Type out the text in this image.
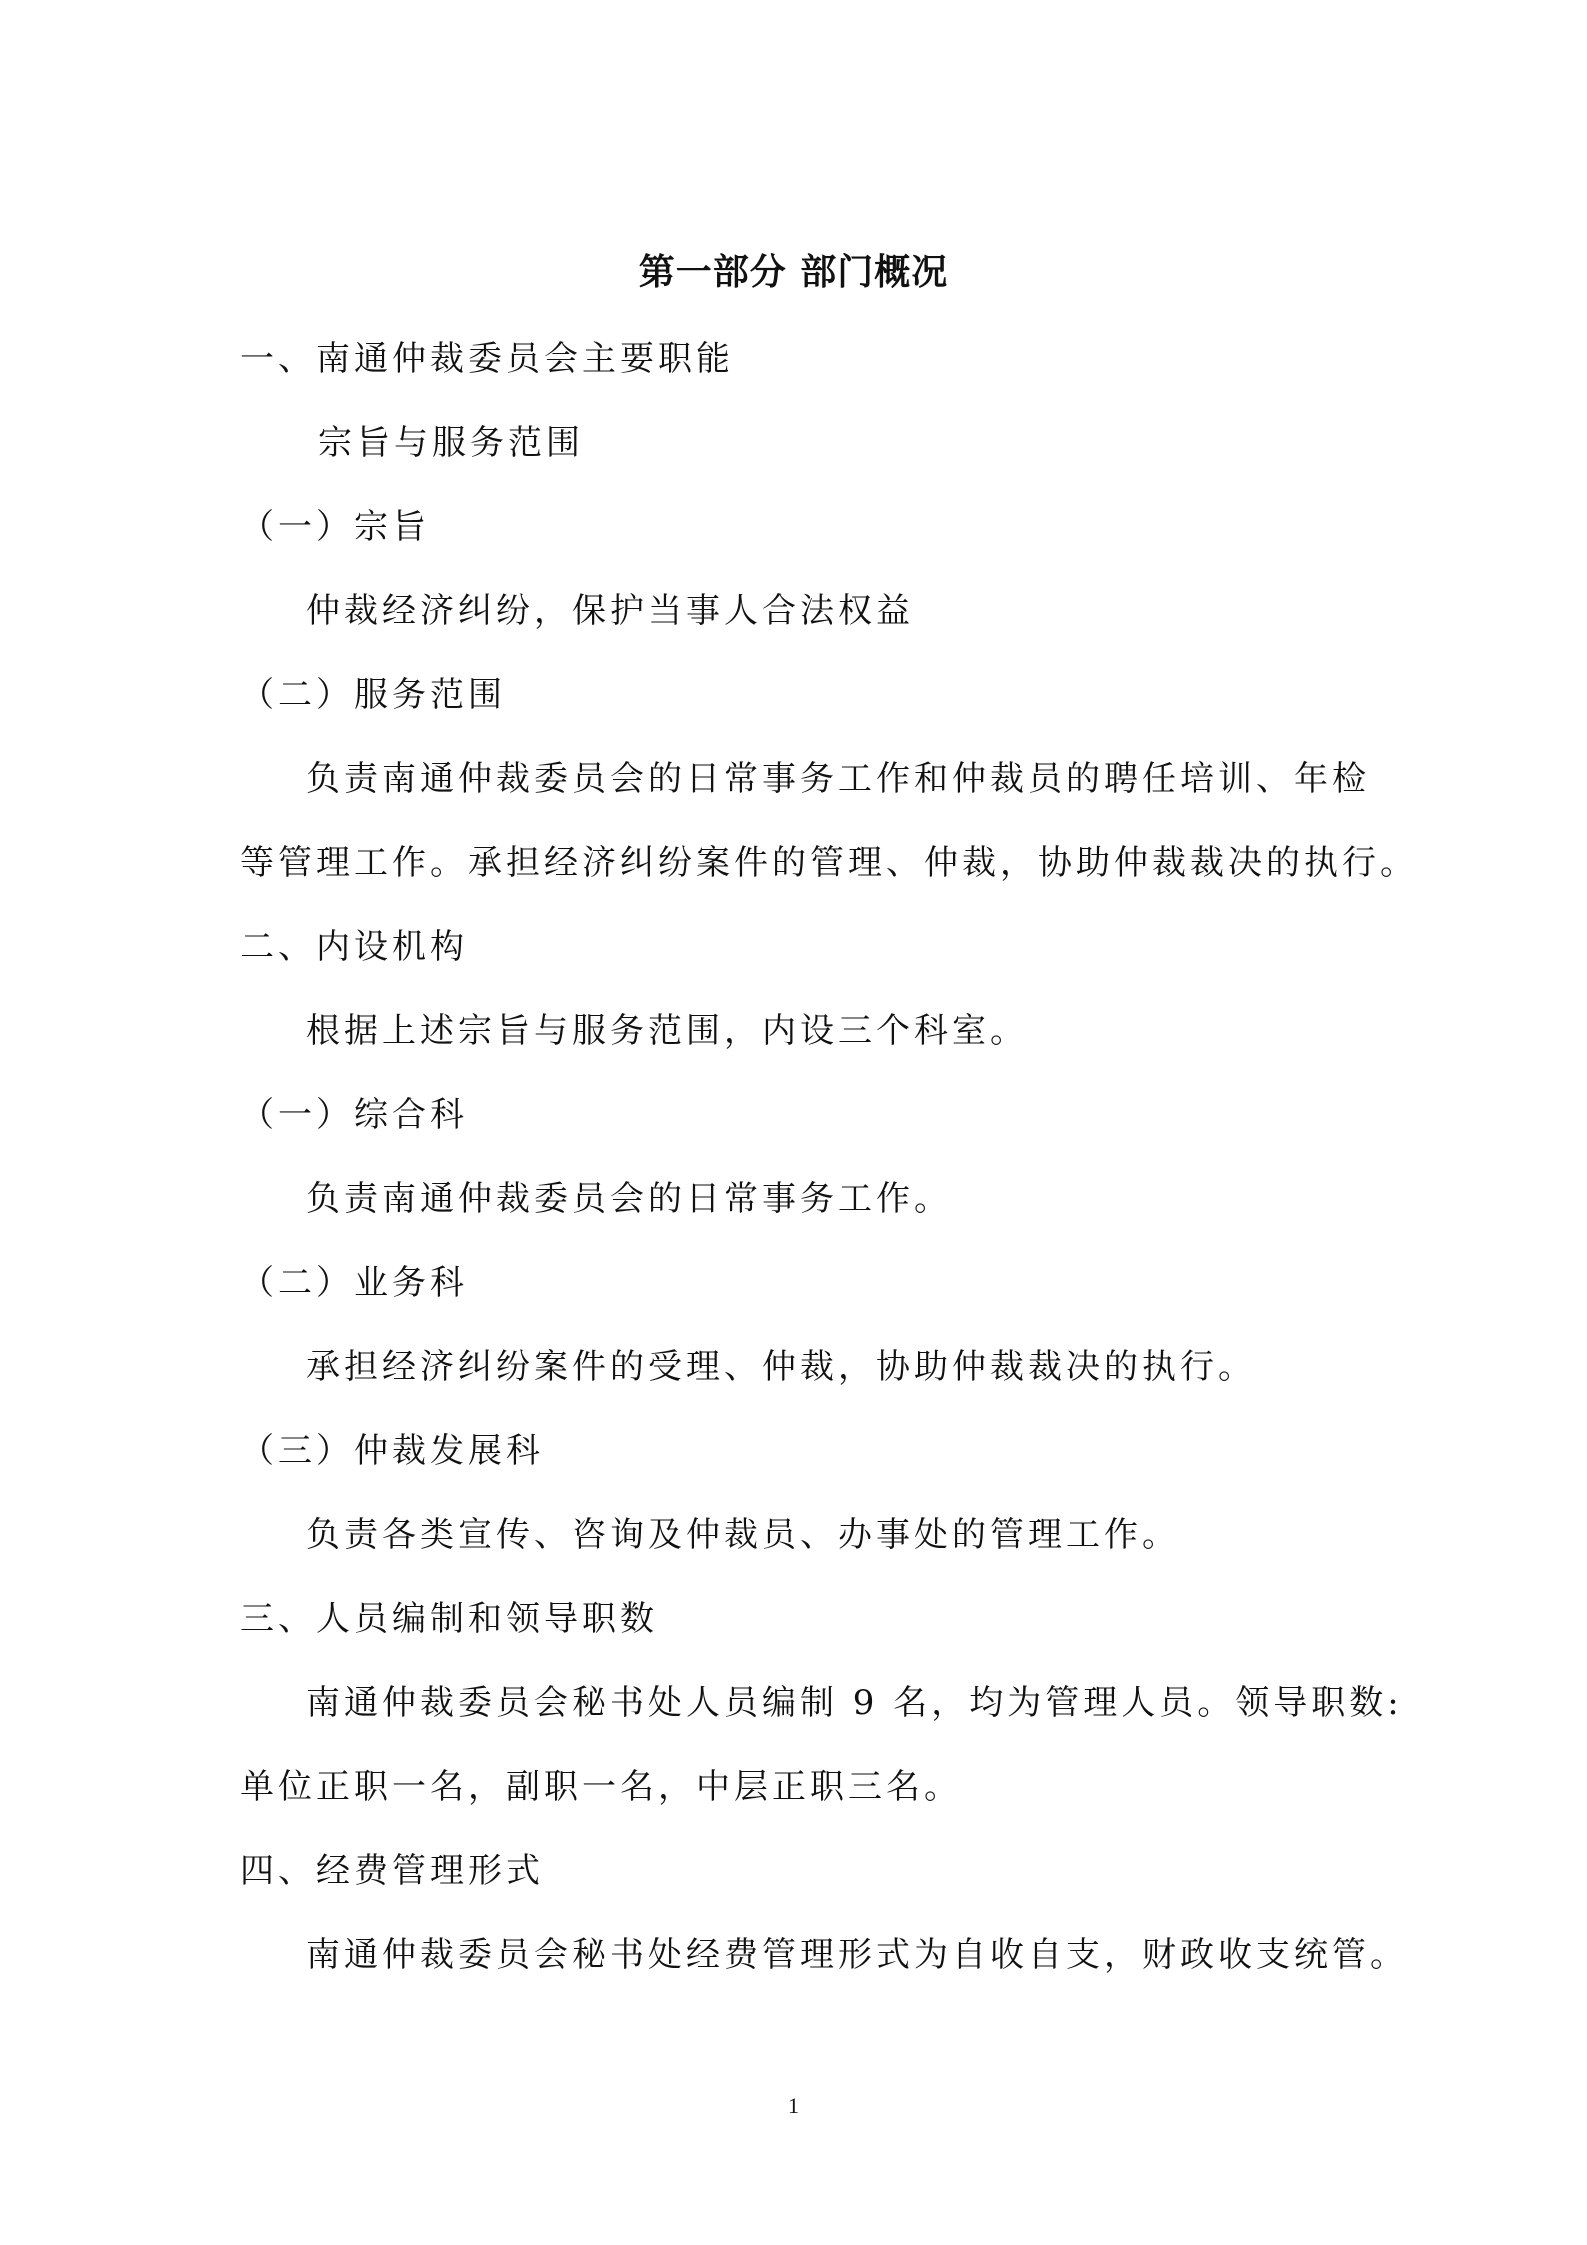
第一部分 部门概况
一、南通仲裁委员会主要职能
宗旨与服务范围
（一）宗旨
仲裁经济纠纷，保护当事人合法权益
（二）服务范围
负责南通仲裁委员会的日常事务工作和仲裁员的聘任培训、年检
等管理工作。承担经济纠纷案件的管理、仲裁，协助仲裁裁决的执行。
二、内设机构
根据上述宗旨与服务范围，内设三个科室。
（一）综合科
负责南通仲裁委员会的日常事务工作。
（二）业务科
承担经济纠纷案件的受理、仲裁，协助仲裁裁决的执行。
（三）仲裁发展科
负责各类宣传、咨询及仲裁员、办事处的管理工作。
三、人员编制和领导职数
南通仲裁委员会秘书处人员编制 9 名，均为管理人员。领导职数:
单位正职一名，副职一名，中层正职三名。
四、经费管理形式
南通仲裁委员会秘书处经费管理形式为自收自支，财政收支统管。
1
